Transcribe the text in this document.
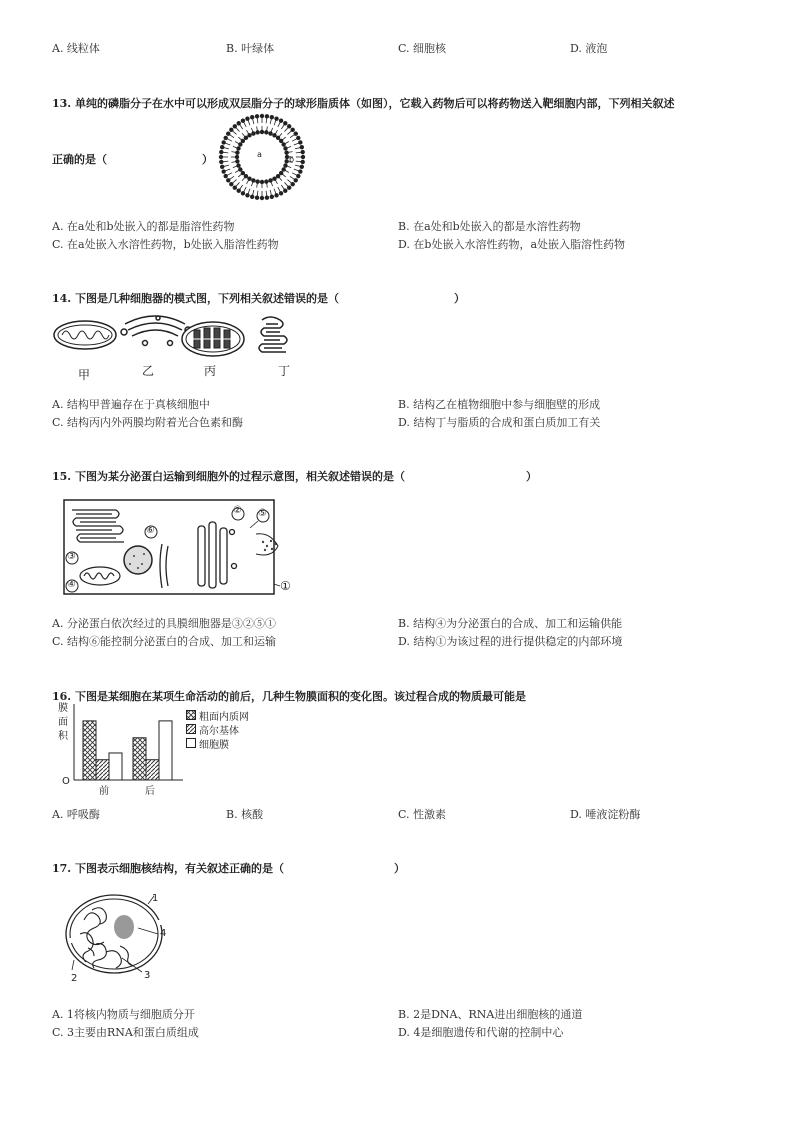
A. 线粒体	B. 叶绿体	C. 细胞核	D. 液泡
13. 单纯的磷脂分子在水中可以形成双层脂分子的球形脂质体（如图），它载入药物后可以将药物送入靶细胞内部，下列相关叙述
正确的是（	）	a
b
A. 在a处和b处嵌入的都是脂溶性药物	B. 在a处和b处嵌入的都是水溶性药物
C. 在a处嵌入水溶性药物，b处嵌入脂溶性药物	D. 在b处嵌入水溶性药物，a处嵌入脂溶性药物
14. 下图是几种细胞器的模式图，下列相关叙述错误的是（	）
甲	乙	丙	丁
A. 结构甲普遍存在于真核细胞中	B. 结构乙在植物细胞中参与细胞壁的形成
C. 结构丙内外两膜均附着光合色素和酶	D. 结构丁与脂质的合成和蛋白质加工有关
15. 下图为某分泌蛋白运输到细胞外的过程示意图，相关叙述错误的是（	）
② ⑤
⑥
③
④	①
A. 分泌蛋白依次经过的具膜细胞器是③②⑤①	B. 结构④为分泌蛋白的合成、加工和运输供能
C. 结构⑥能控制分泌蛋白的合成、加工和运输	D. 结构①为该过程的进行提供稳定的内部环境
16. 下图是某细胞在某项生命活动的前后，几种生物膜面积的变化图。该过程合成的物质最可能是
膜面积
O
前	后
粗面内质网
高尔基体
细胞膜
A. 呼吸酶	B. 核酸	C. 性激素	D. 唾液淀粉酶
17. 下图表示细胞核结构，有关叙述正确的是（	）
1
2	3
4
A. 1将核内物质与细胞质分开	B. 2是DNA、RNA进出细胞核的通道
C. 3主要由RNA和蛋白质组成	D. 4是细胞遗传和代谢的控制中心
